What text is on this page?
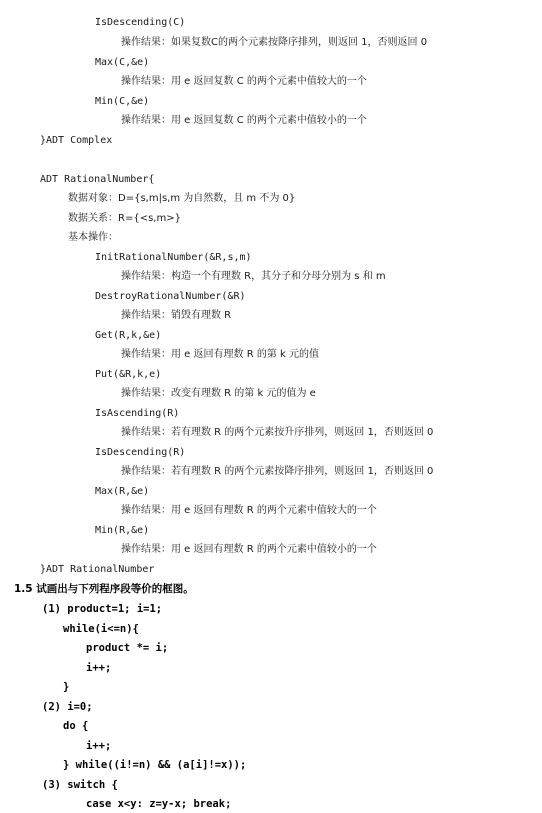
IsDescending(C)
操作结果：如果复数C的两个元素按降序排列，则返回 1，否则返回 0
Max(C,&e)
操作结果：用 e 返回复数 C 的两个元素中值较大的一个
Min(C,&e)
操作结果：用 e 返回复数 C 的两个元素中值较小的一个
}ADT Complex
ADT RationalNumber{
数据对象：D={s,m|s,m 为自然数，且 m 不为 0}
数据关系：R={<s,m>}
基本操作：
InitRationalNumber(&R,s,m)
操作结果：构造一个有理数 R，其分子和分母分别为 s 和 m
DestroyRationalNumber(&R)
操作结果：销毁有理数 R
Get(R,k,&e)
操作结果：用 e 返回有理数 R 的第 k 元的值
Put(&R,k,e)
操作结果：改变有理数 R 的第 k 元的值为 e
IsAscending(R)
操作结果：若有理数 R 的两个元素按升序排列，则返回 1，否则返回 0
IsDescending(R)
操作结果：若有理数 R 的两个元素按降序排列，则返回 1，否则返回 0
Max(R,&e)
操作结果：用 e 返回有理数 R 的两个元素中值较大的一个
Min(R,&e)
操作结果：用 e 返回有理数 R 的两个元素中值较小的一个
}ADT RationalNumber
1.5 试画出与下列程序段等价的框图。
(1) product=1; i=1;
while(i<=n){
product *= i;
i++;
}
(2) i=0;
do {
i++;
} while((i!=n) && (a[i]!=x));
(3) switch {
case x<y: z=y-x; break;
